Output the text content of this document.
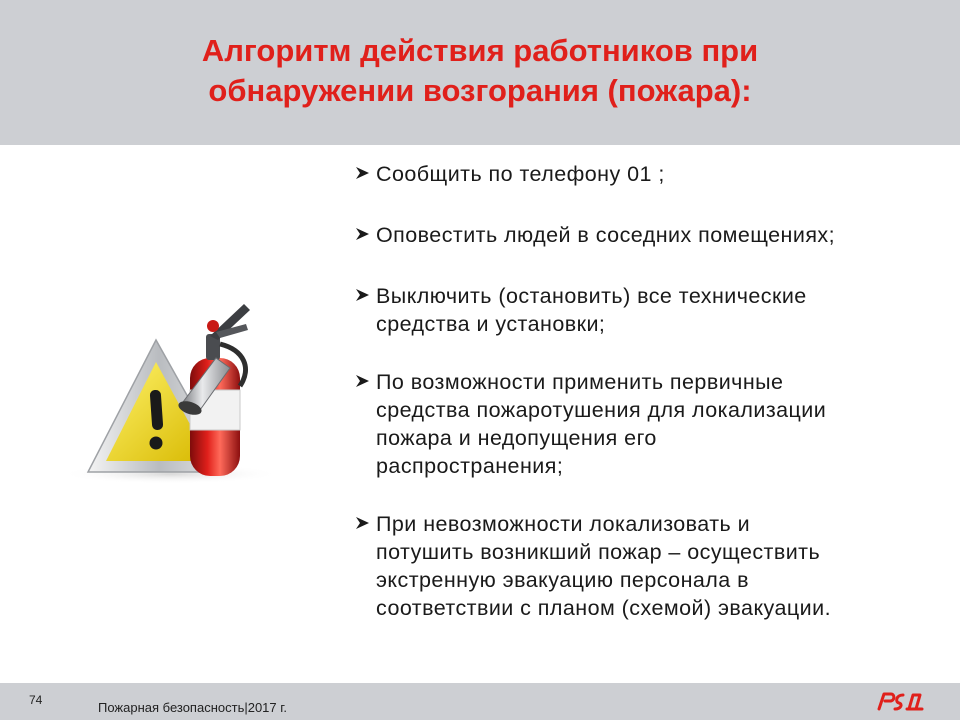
Алгоритм действия работников при
обнаружении возгорания (пожара):
Сообщить по телефону 01 ;
Оповестить людей в соседних помещениях;
Выключить (остановить) все технические
средства и установки;
По возможности применить первичные
средства пожаротушения для локализации
пожара и недопущения его
распространения;
При невозможности локализовать и
потушить возникший пожар – осуществить
экстренную эвакуацию персонала в
соответствии с планом (схемой) эвакуации.
74	Пожарная безопасность|2017 г.
